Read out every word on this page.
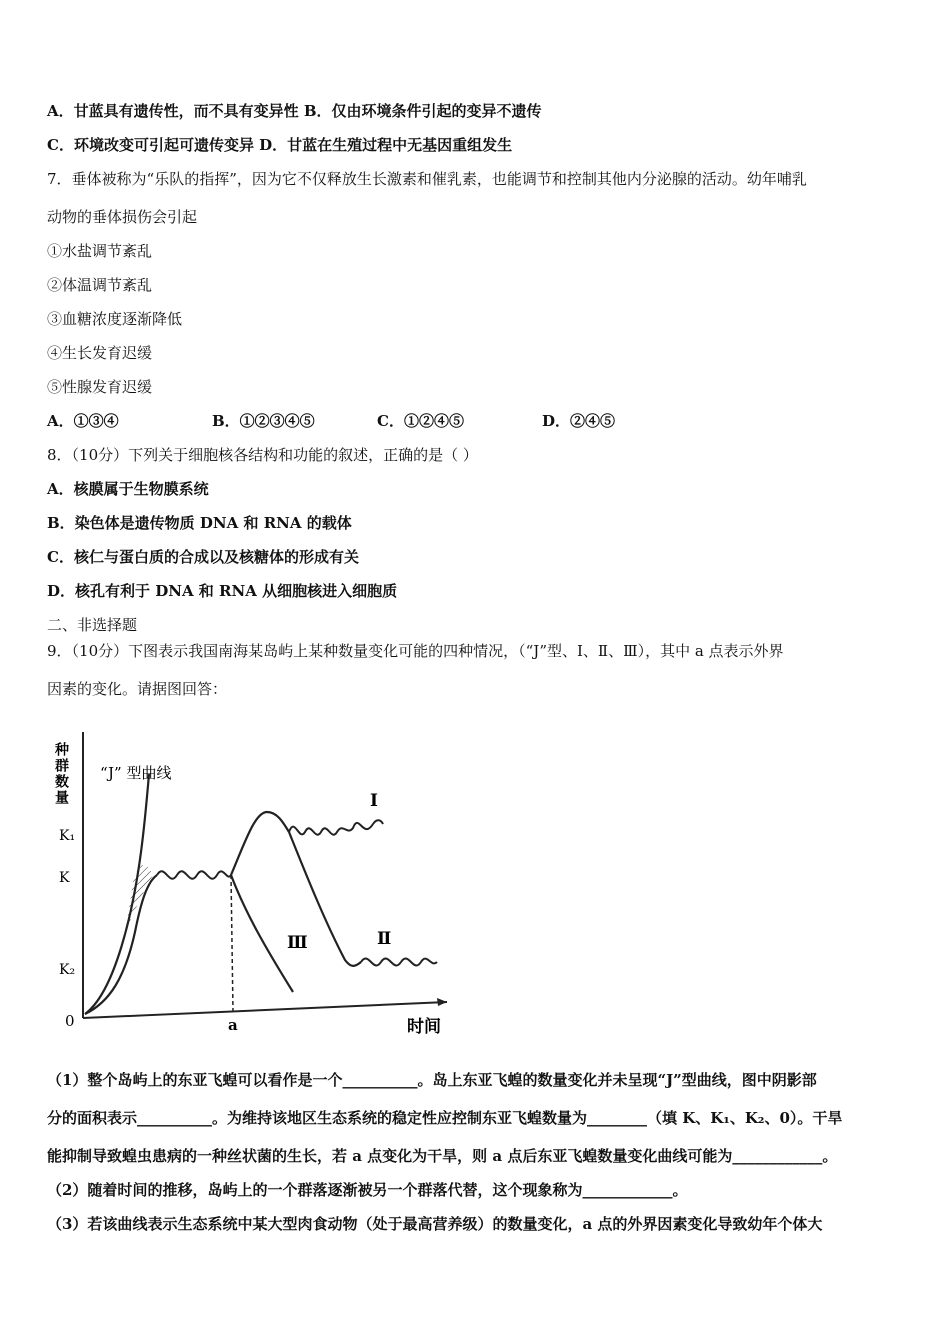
A．甘蓝具有遗传性，而不具有变异性 B．仅由环境条件引起的变异不遗传
C．环境改变可引起可遗传变异 D．甘蓝在生殖过程中无基因重组发生
7．垂体被称为“乐队的指挥”，因为它不仅释放生长激素和催乳素，也能调节和控制其他内分泌腺的活动。幼年哺乳
动物的垂体损伤会引起
①水盐调节紊乱
②体温调节紊乱
③血糖浓度逐渐降低
④生长发育迟缓
⑤性腺发育迟缓
A．①③④	B．①②③④⑤	C．①②④⑤	D．②④⑤
8．（10分）下列关于细胞核各结构和功能的叙述，正确的是（ ）
A．核膜属于生物膜系统
B．染色体是遗传物质 DNA 和 RNA 的载体
C．核仁与蛋白质的合成以及核糖体的形成有关
D．核孔有利于 DNA 和 RNA 从细胞核进入细胞质
二、非选择题
9．（10分）下图表示我国南海某岛屿上某种数量变化可能的四种情况，（“J”型、Ⅰ、Ⅱ、Ⅲ），其中 a 点表示外界
因素的变化。请据图回答：
种群数量 “J” 型曲线
K₁
K
K₂
0	a	时间
Ⅰ
Ⅱ
Ⅲ
（1）整个岛屿上的东亚飞蝗可以看作是一个__________。岛上东亚飞蝗的数量变化并未呈现“J”型曲线，图中阴影部
分的面积表示__________。为维持该地区生态系统的稳定性应控制东亚飞蝗数量为________（填 K、K₁、K₂、0）。干旱
能抑制导致蝗虫患病的一种丝状菌的生长，若 a 点变化为干旱，则 a 点后东亚飞蝗数量变化曲线可能为____________。
（2）随着时间的推移，岛屿上的一个群落逐渐被另一个群落代替，这个现象称为____________。
（3）若该曲线表示生态系统中某大型肉食动物（处于最高营养级）的数量变化，a 点的外界因素变化导致幼年个体大
